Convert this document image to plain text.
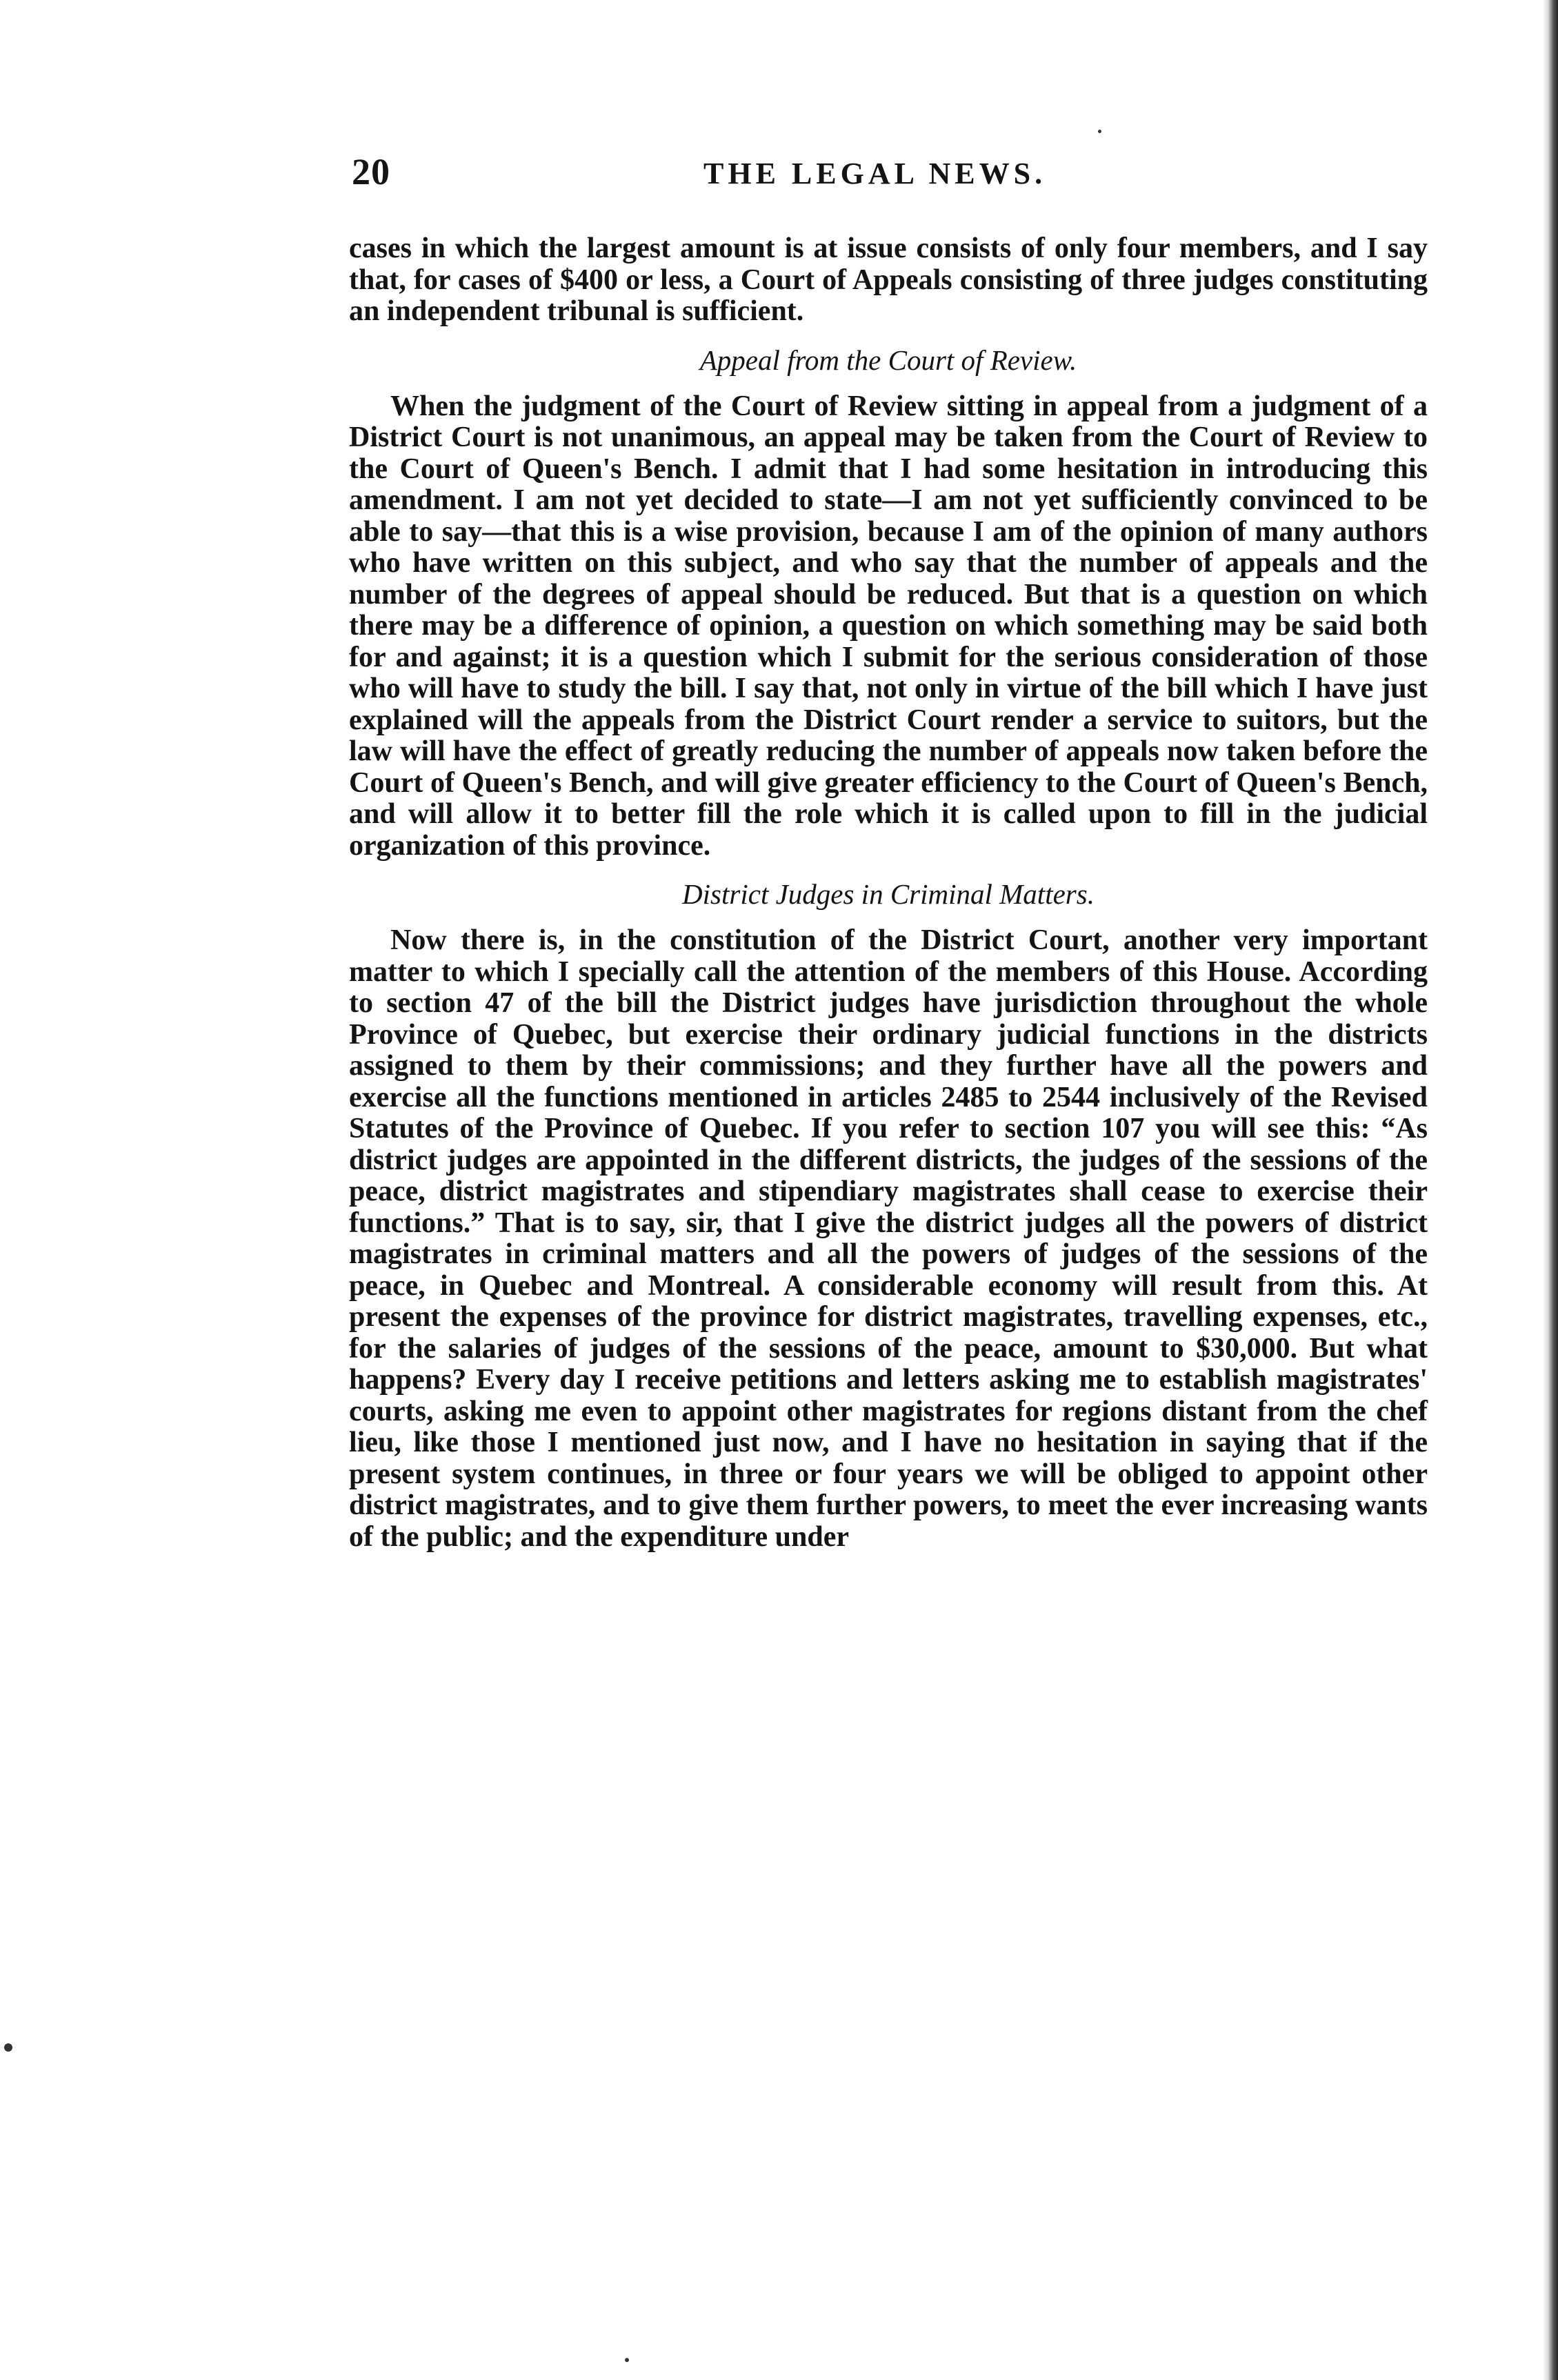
20	THE LEGAL NEWS.

cases in which the largest amount is at issue consists of only four members, and I say that, for cases of $400 or less, a Court of Appeals consisting of three judges constituting an independent tribunal is sufficient.

Appeal from the Court of Review.

When the judgment of the Court of Review sitting in appeal from a judgment of a District Court is not unanimous, an appeal may be taken from the Court of Review to the Court of Queen's Bench. I admit that I had some hesitation in introducing this amendment. I am not yet decided to state—I am not yet sufficiently convinced to be able to say—that this is a wise provision, because I am of the opinion of many authors who have written on this subject, and who say that the number of appeals and the number of the degrees of appeal should be reduced. But that is a question on which there may be a difference of opinion, a question on which something may be said both for and against; it is a question which I submit for the serious consideration of those who will have to study the bill. I say that, not only in virtue of the bill which I have just explained will the appeals from the District Court render a service to suitors, but the law will have the effect of greatly reducing the number of appeals now taken before the Court of Queen's Bench, and will give greater efficiency to the Court of Queen's Bench, and will allow it to better fill the role which it is called upon to fill in the judicial organization of this province.

District Judges in Criminal Matters.

Now there is, in the constitution of the District Court, another very important matter to which I specially call the attention of the members of this House. According to section 47 of the bill the District judges have jurisdiction throughout the whole Province of Quebec, but exercise their ordinary judicial functions in the districts assigned to them by their commissions; and they further have all the powers and exercise all the functions mentioned in articles 2485 to 2544 inclusively of the Revised Statutes of the Province of Quebec. If you refer to section 107 you will see this: “As district judges are appointed in the different districts, the judges of the sessions of the peace, district magistrates and stipendiary magistrates shall cease to exercise their functions.” That is to say, sir, that I give the district judges all the powers of district magistrates in criminal matters and all the powers of judges of the sessions of the peace, in Quebec and Montreal. A considerable economy will result from this. At present the expenses of the province for district magistrates, travelling expenses, etc., for the salaries of judges of the sessions of the peace, amount to $30,000. But what happens? Every day I receive petitions and letters asking me to establish magistrates' courts, asking me even to appoint other magistrates for regions distant from the chef lieu, like those I mentioned just now, and I have no hesitation in saying that if the present system continues, in three or four years we will be obliged to appoint other district magistrates, and to give them further powers, to meet the ever increasing wants of the public; and the expenditure under
